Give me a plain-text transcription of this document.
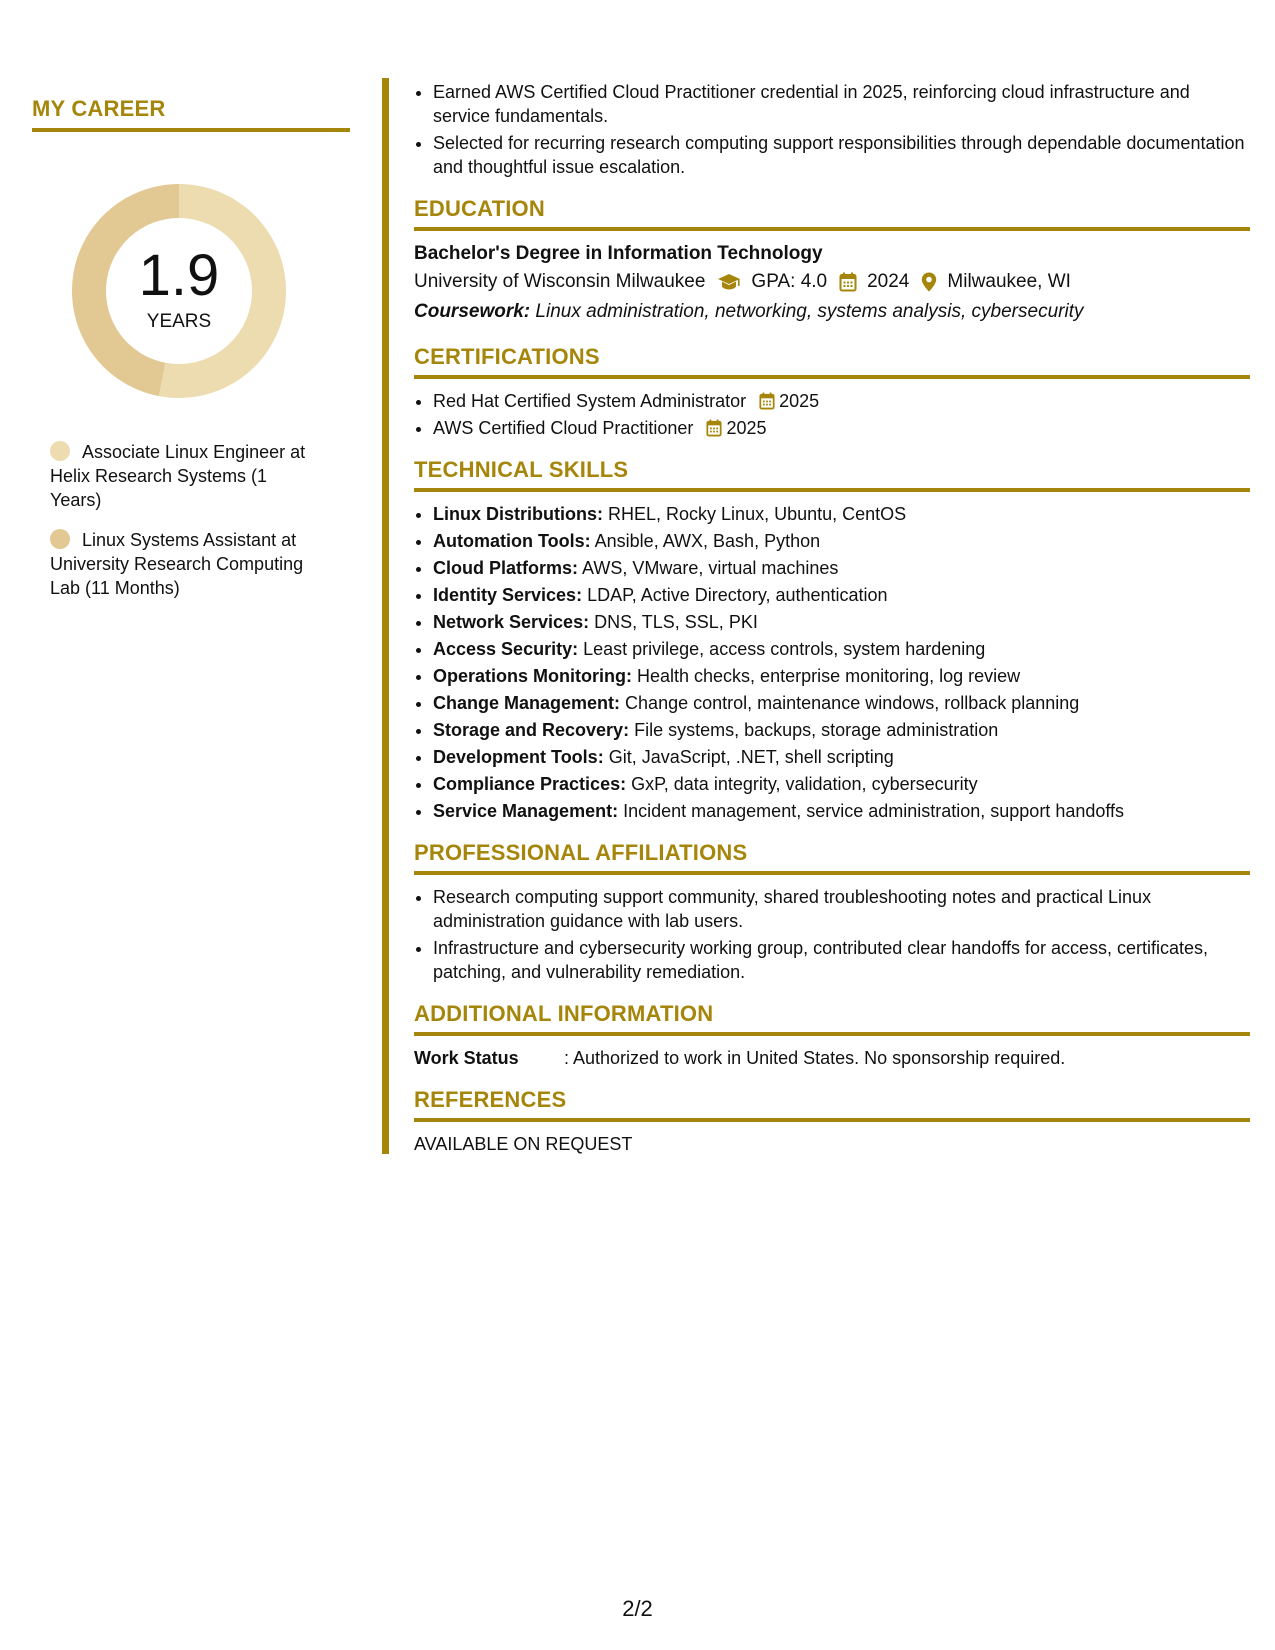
MY CAREER
1.9
YEARS
Associate Linux Engineer at Helix Research Systems (1 Years)
Linux Systems Assistant at University Research Computing Lab (11 Months)
• Earned AWS Certified Cloud Practitioner credential in 2025, reinforcing cloud infrastructure and service fundamentals.
• Selected for recurring research computing support responsibilities through dependable documentation and thoughtful issue escalation.
EDUCATION
Bachelor's Degree in Information Technology
University of Wisconsin Milwaukee GPA: 4.0 2024 Milwaukee, WI
Coursework: Linux administration, networking, systems analysis, cybersecurity
CERTIFICATIONS
• Red Hat Certified System Administrator 2025
• AWS Certified Cloud Practitioner 2025
TECHNICAL SKILLS
• Linux Distributions: RHEL, Rocky Linux, Ubuntu, CentOS
• Automation Tools: Ansible, AWX, Bash, Python
• Cloud Platforms: AWS, VMware, virtual machines
• Identity Services: LDAP, Active Directory, authentication
• Network Services: DNS, TLS, SSL, PKI
• Access Security: Least privilege, access controls, system hardening
• Operations Monitoring: Health checks, enterprise monitoring, log review
• Change Management: Change control, maintenance windows, rollback planning
• Storage and Recovery: File systems, backups, storage administration
• Development Tools: Git, JavaScript, .NET, shell scripting
• Compliance Practices: GxP, data integrity, validation, cybersecurity
• Service Management: Incident management, service administration, support handoffs
PROFESSIONAL AFFILIATIONS
• Research computing support community, shared troubleshooting notes and practical Linux administration guidance with lab users.
• Infrastructure and cybersecurity working group, contributed clear handoffs for access, certificates, patching, and vulnerability remediation.
ADDITIONAL INFORMATION
Work Status	: Authorized to work in United States. No sponsorship required.
REFERENCES
AVAILABLE ON REQUEST
2/2
